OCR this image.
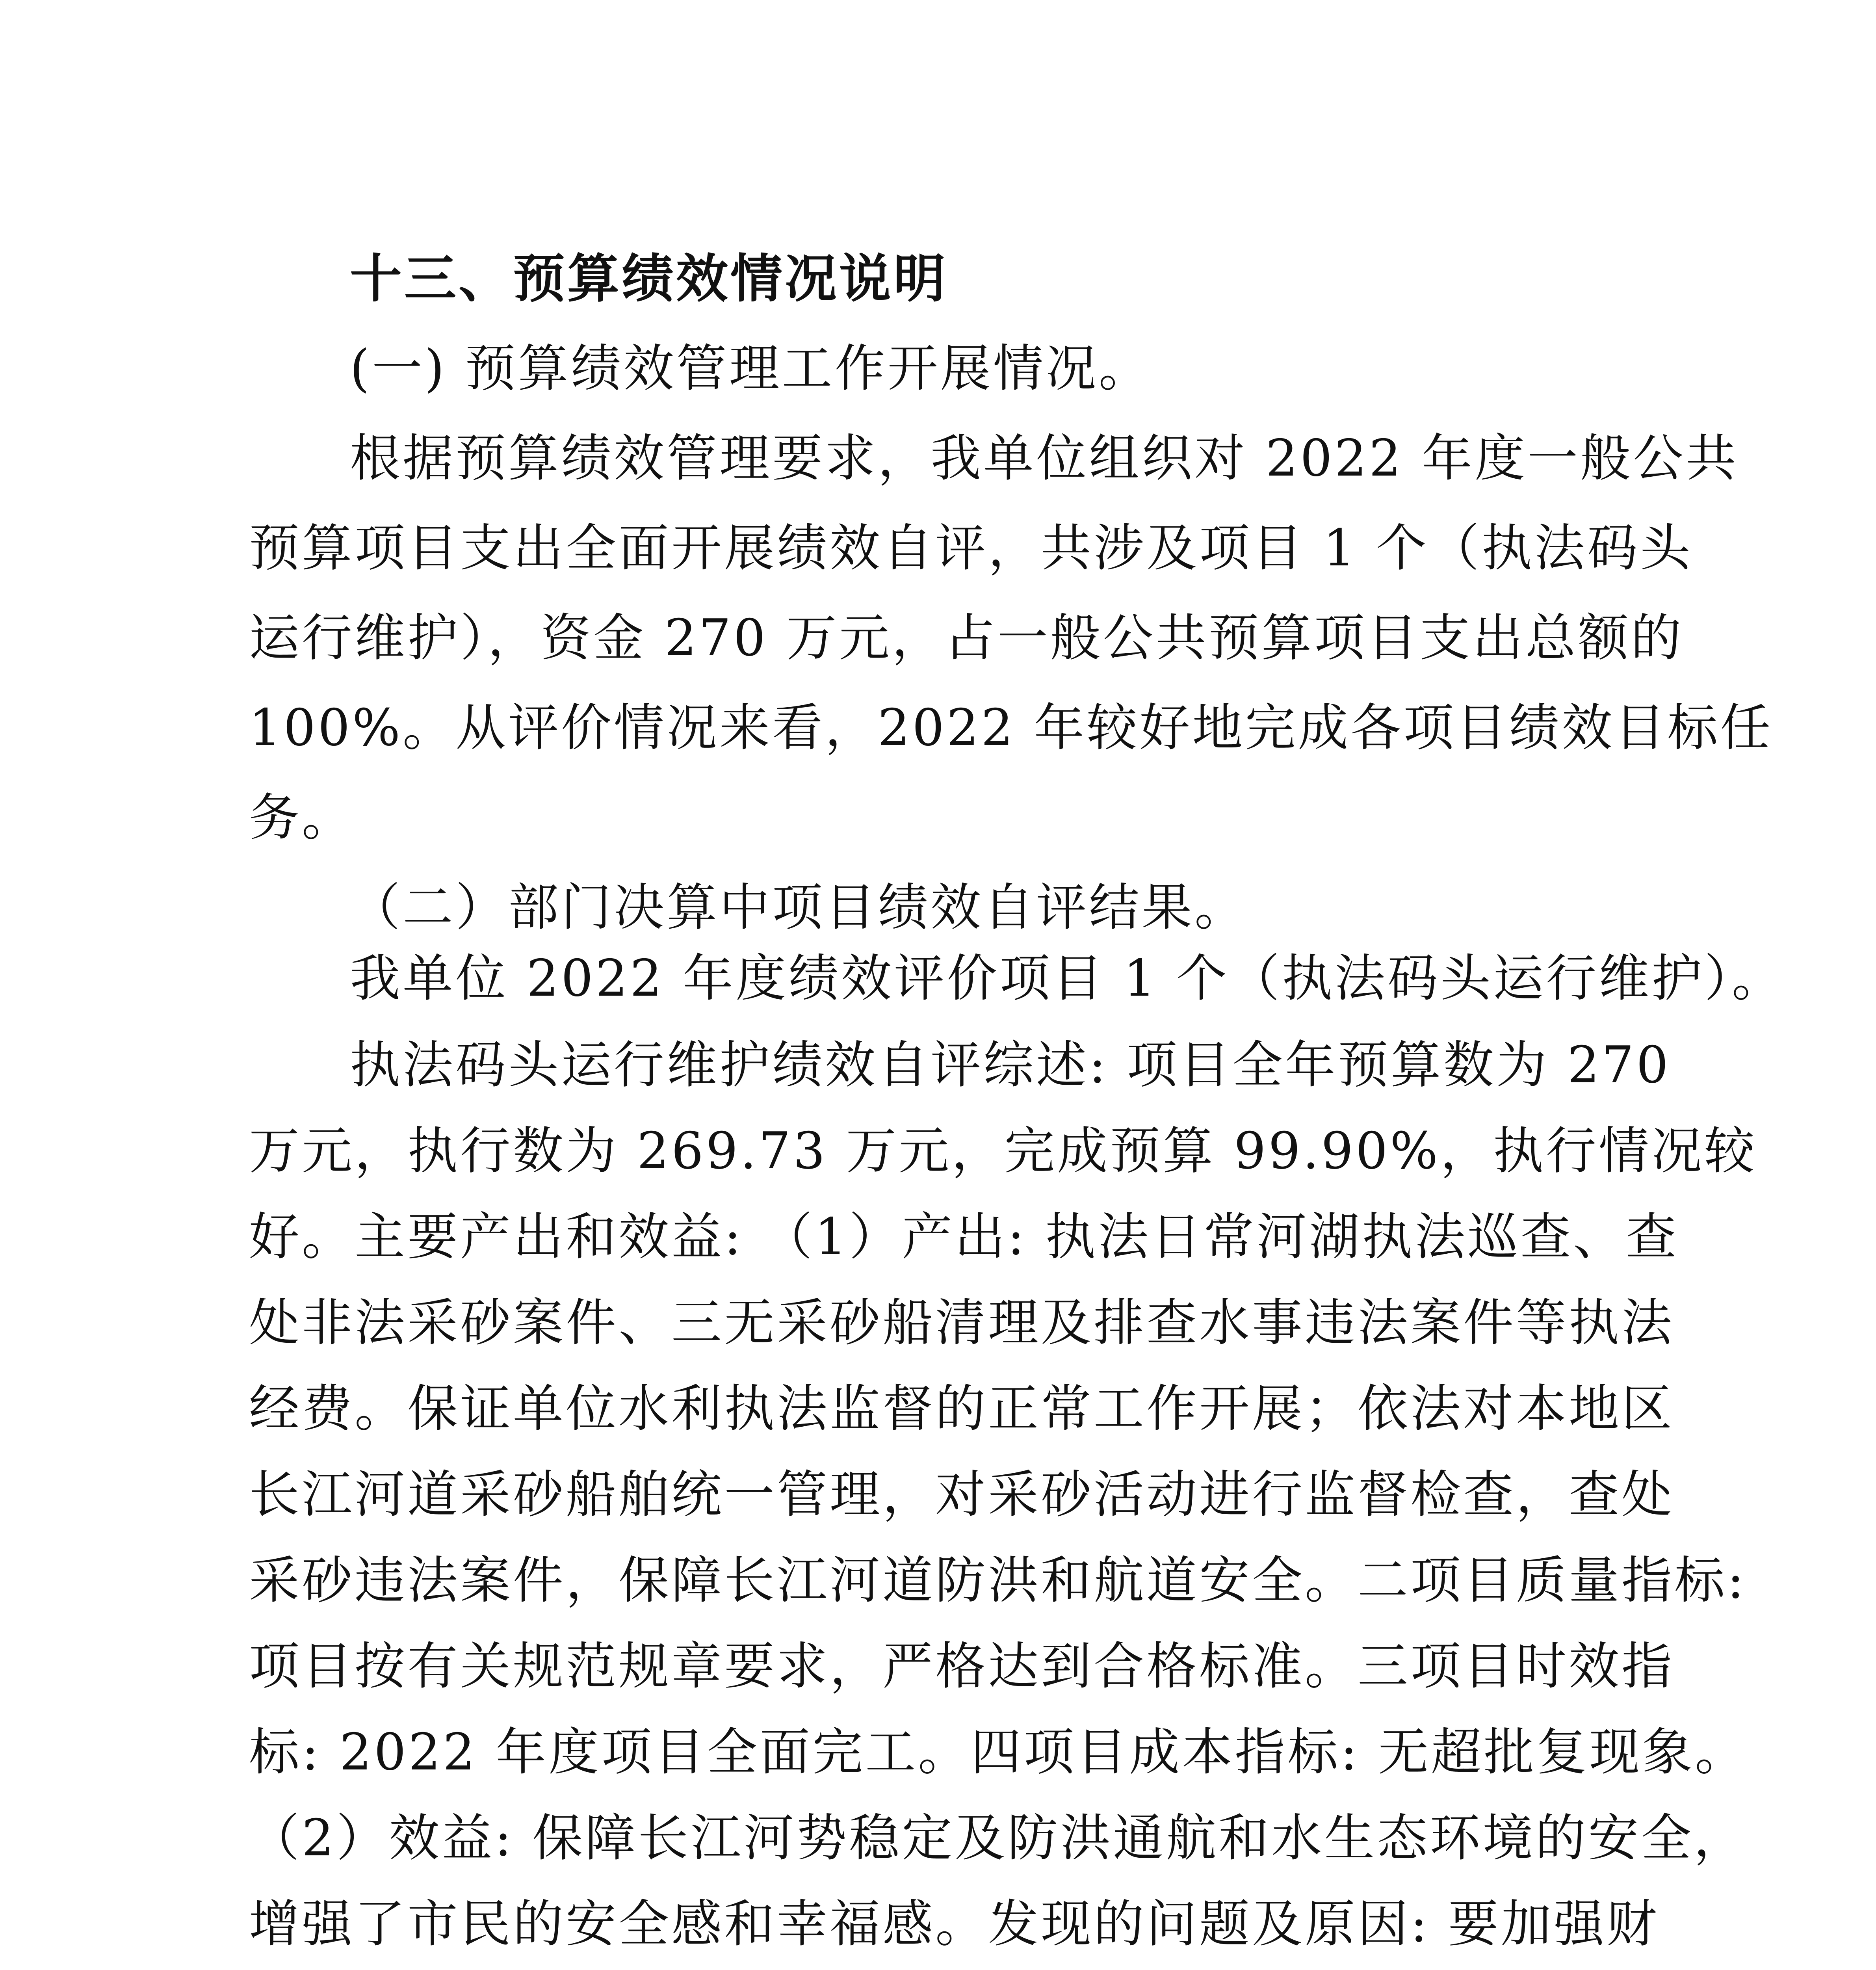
十三、预算绩效情况说明
(一) 预算绩效管理工作开展情况。
根据预算绩效管理要求，我单位组织对 2022 年度一般公共
预算项目支出全面开展绩效自评，共涉及项目 1 个（执法码头
运行维护），资金 270 万元，占一般公共预算项目支出总额的
100%。从评价情况来看，2022 年较好地完成各项目绩效目标任
务。
（二）部门决算中项目绩效自评结果。
我单位 2022 年度绩效评价项目 1 个（执法码头运行维护）。
执法码头运行维护绩效自评综述: 项目全年预算数为 270
万元，执行数为 269.73 万元，完成预算 99.90%，执行情况较
好。主要产出和效益: （1）产出: 执法日常河湖执法巡查、查
处非法采砂案件、三无采砂船清理及排查水事违法案件等执法
经费。保证单位水利执法监督的正常工作开展；依法对本地区
长江河道采砂船舶统一管理，对采砂活动进行监督检查，查处
采砂违法案件，保障长江河道防洪和航道安全。二项目质量指标:
项目按有关规范规章要求，严格达到合格标准。三项目时效指
标: 2022 年度项目全面完工。四项目成本指标: 无超批复现象。
（2）效益: 保障长江河势稳定及防洪通航和水生态环境的安全，
增强了市民的安全感和幸福感。发现的问题及原因: 要加强财
